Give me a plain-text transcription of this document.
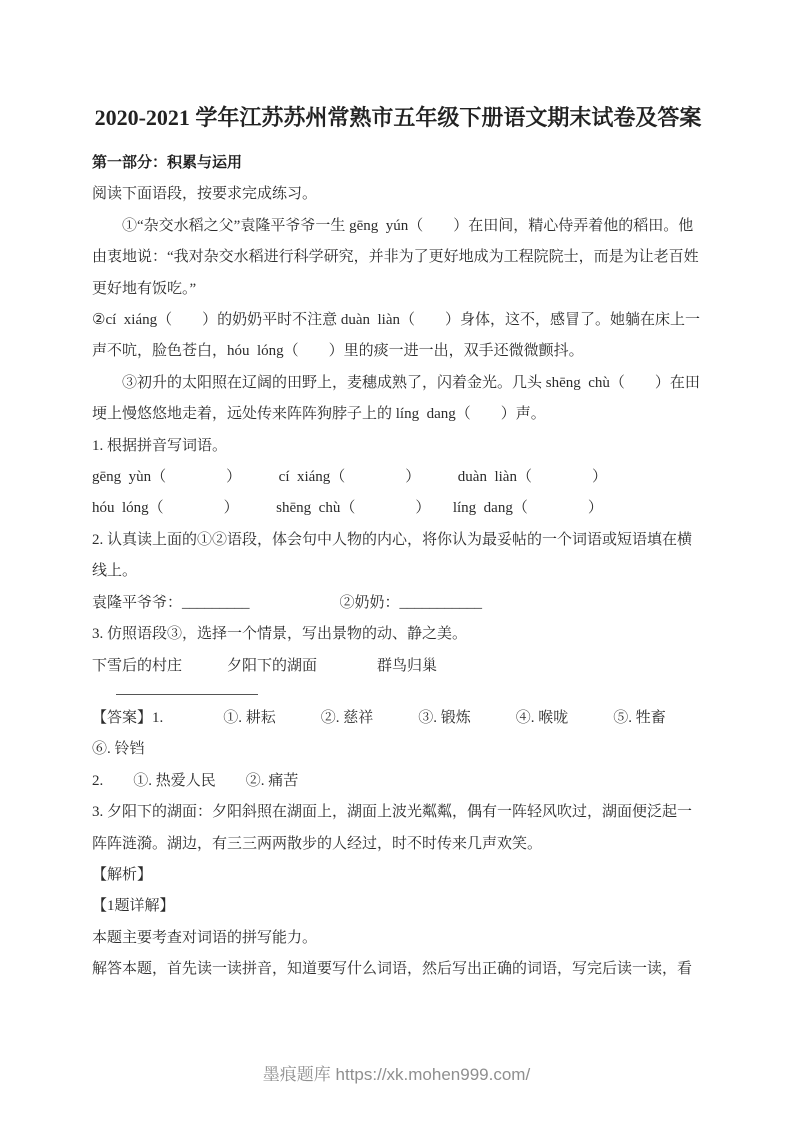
2020-2021 学年江苏苏州常熟市五年级下册语文期末试卷及答案

第一部分：积累与运用

阅读下面语段，按要求完成练习。

①“杂交水稻之父”袁隆平爷爷一生 gēng  yún（　　）在田间，精心侍弄着他的稻田。他由衷地说：“我对杂交水稻进行科学研究，并非为了更好地成为工程院院士，而是为让老百姓更好地有饭吃。”

②cí  xiáng（　　）的奶奶平时不注意 duàn  liàn（　　）身体，这不，感冒了。她躺在床上一声不吭，脸色苍白，hóu  lóng（　　）里的痰一进一出，双手还微微颤抖。

③初升的太阳照在辽阔的田野上，麦穗成熟了，闪着金光。几头 shēng  chù（　　）在田埂上慢悠悠地走着，远处传来阵阵狗脖子上的 líng  dang（　　）声。

1. 根据拼音写词语。

gēng  yùn（　　　　）　　　cí  xiáng（　　　　）　　　duàn  liàn（　　　　）

hóu  lóng（　　　　）　　　shēng  chù（　　　　）　　líng  dang（　　　　）

2. 认真读上面的①②语段，体会句中人物的内心，将你认为最妥帖的一个词语或短语填在横线上。

袁隆平爷爷：_________　　　　　　②奶奶：___________

3. 仿照语段③，选择一个情景，写出景物的动、静之美。

下雪后的村庄　　　夕阳下的湖面　　　　群鸟归巢

【答案】1.　　　　①. 耕耘　　　②. 慈祥　　　③. 锻炼　　　④. 喉咙　　　⑤. 牲畜

⑥. 铃铛

2.　　①. 热爱人民　　②. 痛苦

3. 夕阳下的湖面：夕阳斜照在湖面上，湖面上波光粼粼，偶有一阵轻风吹过，湖面便泛起一阵阵涟漪。湖边，有三三两两散步的人经过，时不时传来几声欢笑。

【解析】

【1题详解】

本题主要考查对词语的拼写能力。

解答本题，首先读一读拼音，知道要写什么词语，然后写出正确的词语，写完后读一读，看

墨痕题库 https://xk.mohen999.com/
